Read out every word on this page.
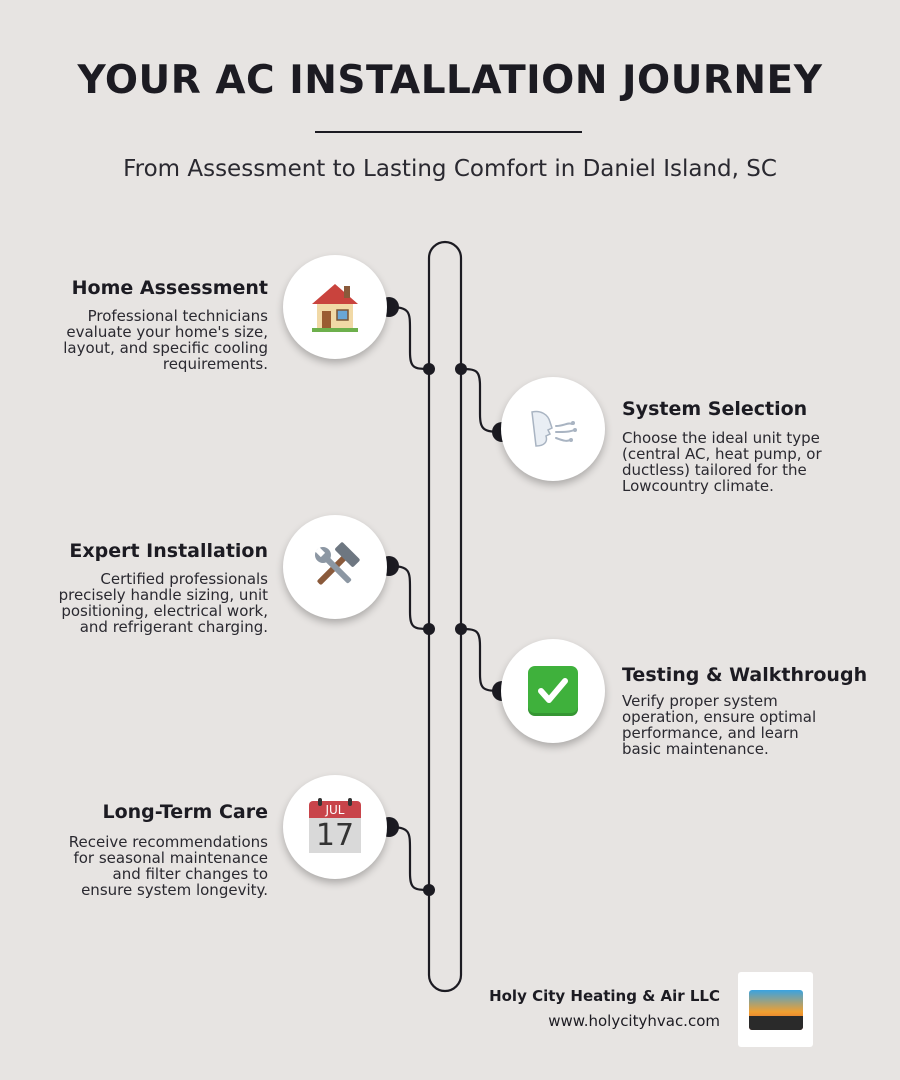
YOUR AC INSTALLATION JOURNEY
From Assessment to Lasting Comfort in Daniel Island, SC
Home Assessment
Professional technicians
evaluate your home's size,
layout, and specific cooling
requirements.
System Selection
Choose the ideal unit type
(central AC, heat pump, or
ductless) tailored for the
Lowcountry climate.
Expert Installation
Certified professionals
precisely handle sizing, unit
positioning, electrical work,
and refrigerant charging.
Testing & Walkthrough
Verify proper system
operation, ensure optimal
performance, and learn
basic maintenance.
JUL
17
Long-Term Care
Receive recommendations
for seasonal maintenance
and filter changes to
ensure system longevity.
Holy City Heating & Air LLC
www.holycityhvac.com
